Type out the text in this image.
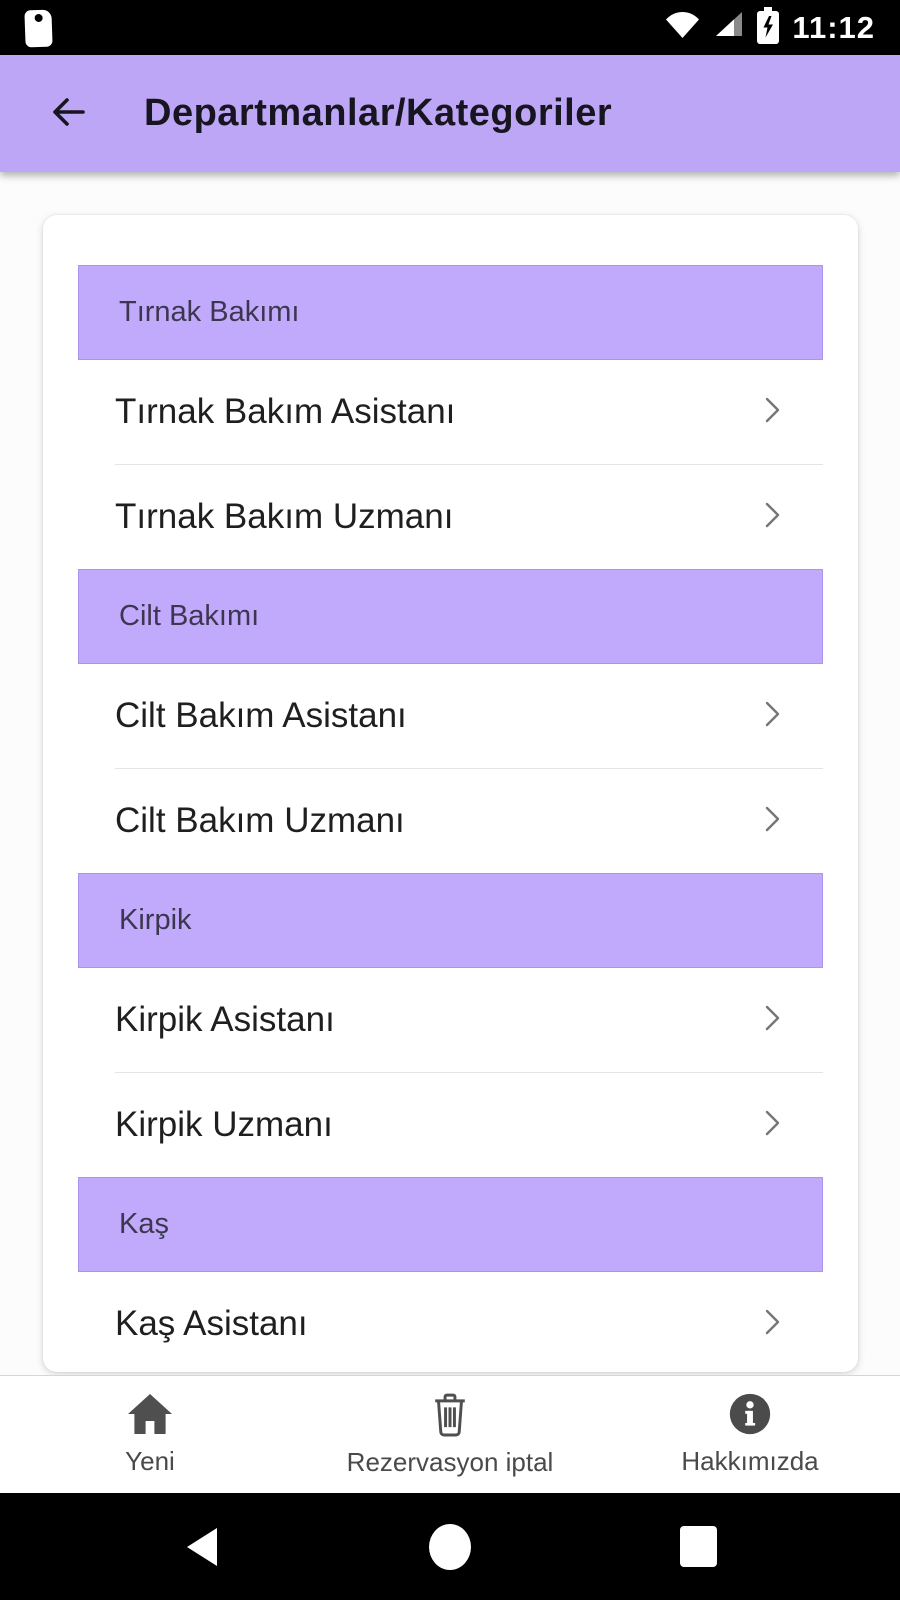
11:12
Departmanlar/Kategoriler
Tırnak Bakımı
Tırnak Bakım Asistanı
Tırnak Bakım Uzmanı
Cilt Bakımı
Cilt Bakım Asistanı
Cilt Bakım Uzmanı
Kirpik
Kirpik Asistanı
Kirpik Uzmanı
Kaş
Kaş Asistanı
Yeni	Rezervasyon iptal	Hakkımızda
